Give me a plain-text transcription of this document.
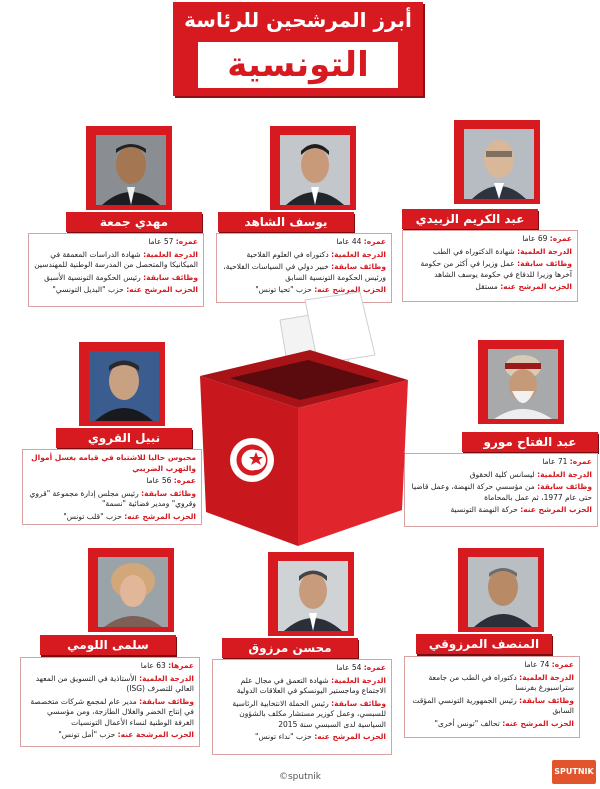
أبرز المرشحين للرئاسة
التونسية
عبد الكريم الزبيدي

عمره: 69 عاما

الدرجة العلمية: شهادة الدكتوراه في الطب

وظائف سابقة: عمل وزيرا في أكثر من حكومة آخرها وزيرا للدفاع في حكومة يوسف الشاهد

الحزب المرشح عنه: مستقل

يوسف الشاهد

عمره: 44 عاما

الدرجة العلمية: دكتوراه في العلوم الفلاحية

وظائف سابقة: خبير دولي في السياسات الفلاحية، ورئيس الحكومة التونسية السابق

الحزب المرشح عنه: حزب "تحيا تونس"

مهدي جمعة

عمره: 57 عاما

الدرجة العلمية: شهادة الدراسات المعمقة في الميكانيكا والمتحصل من المدرسة الوطنية للمهندسين

وظائف سابقة: رئيس الحكومة التونسية الأسبق

الحزب المرشح عنه: حزب "البديل التونسي"

نبيل القروي

محبوس حاليا للاشتباه في قيامه بغسل أموال والتهرب الضريبي

عمره: 56 عاما

وظائف سابقة: رئيس مجلس إدارة مجموعة "قروي وقروي" ومدير فضائية "نسمة"

الحزب المرشح عنه: حزب "قلب تونس"

عبد الفتاح مورو

عمره: 71 عاما

الدرجة العلمية: ليسانس كلية الحقوق

وظائف سابقة: من مؤسسي حركة النهضة، وعمل قاضيا حتى عام 1977، ثم عمل بالمحاماة

الحزب المرشح عنه: حركة النهضة التونسية

سلمى اللومي

عمرها: 63 عاما

الدرجة العلمية: الأستاذية في التسويق من المعهد العالي للتصرف (ISG)

وظائف سابقة: مدير عام لمجمع شركات متخصصة في إنتاج الخضر والغلال الطازجة، ومن مؤسسي الغرفة الوطنية لنساء الأعمال التونسيات

الحزب المرشحة عنه: حزب "أمل تونس"

محسن مرزوق

عمره: 54 عاما

الدرجة العلمية: شهادة التعمق في مجال علم الاجتماع وماجستير اليونسكو في العلاقات الدولية

وظائف سابقة: رئيس الحملة الانتخابية الرئاسية للسبسي، وعمل كوزير مستشار مكلف بالشؤون السياسية لدى السبسي سنة 2015

الحزب المرشح عنه: حزب "نداء تونس"

المنصف المرزوقي

عمره: 74 عاما

الدرجة العلمية: دكتوراه في الطب من جامعة ستراسبورغ بفرنسا

وظائف سابقة: رئيس الجمهورية التونسي المؤقت السابق

الحزب المرشح عنه: تحالف "تونس أخرى"

©sputnik
SPUTNIK
